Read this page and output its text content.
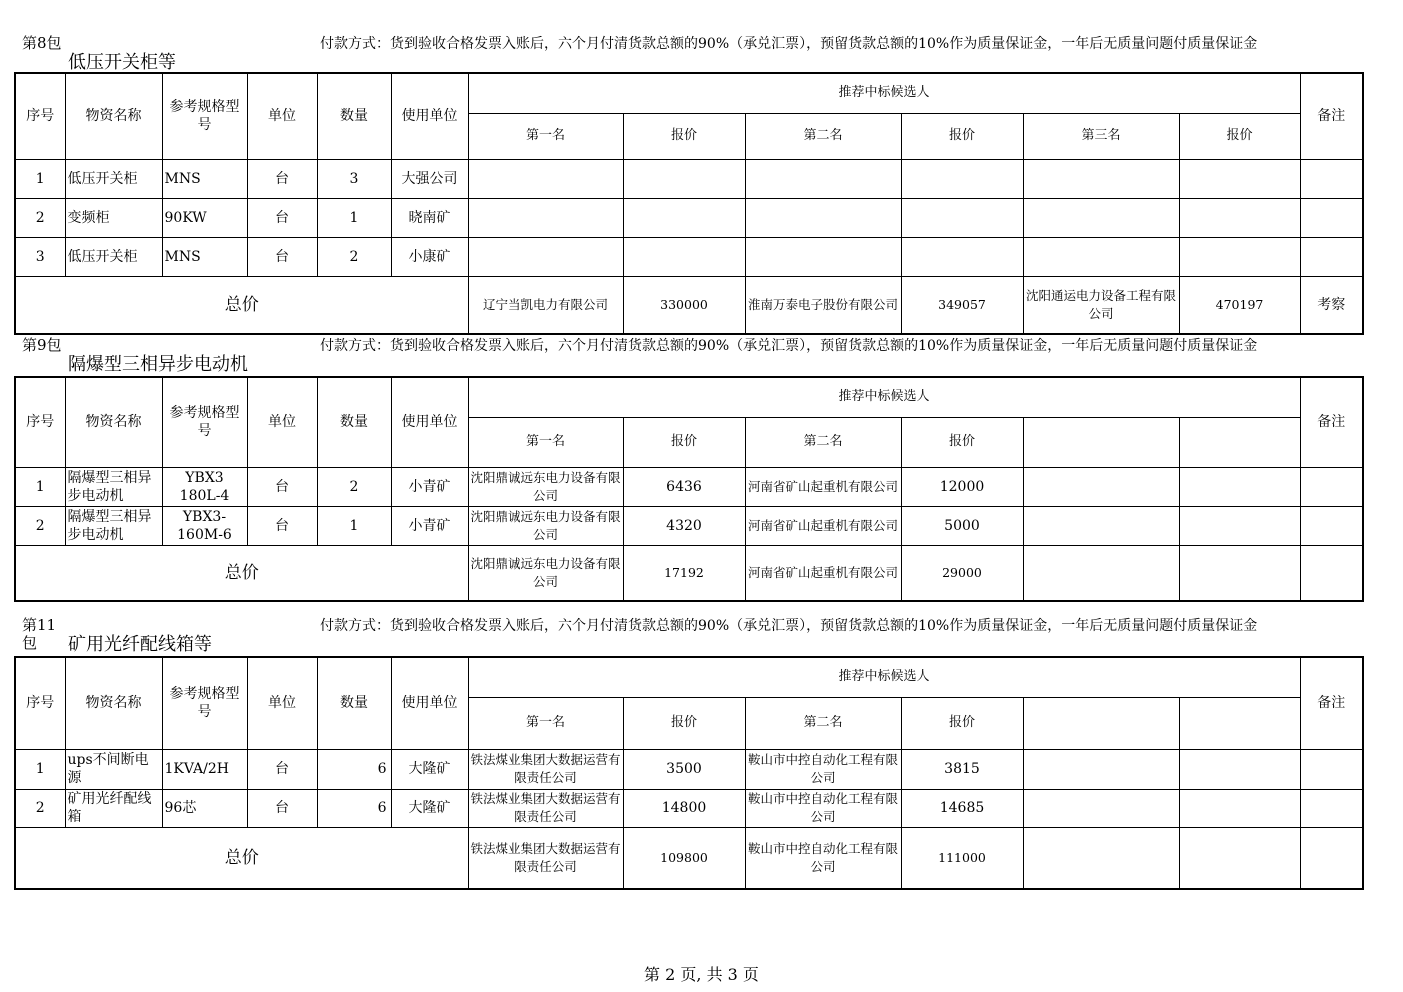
第8包
低压开关柜等
付款方式：货到验收合格发票入账后，六个月付清货款总额的90%（承兑汇票），预留货款总额的10%作为质量保证金，一年后无质量问题付质量保证金
序号	物资名称	参考规格型号	单位	数量	使用单位	推荐中标候选人						备注
						第一名	报价	第二名	报价	第三名	报价	
1	低压开关柜	MNS	台	3	大强公司							
2	变频柜	90KW	台	1	晓南矿							
3	低压开关柜	MNS	台	2	小康矿							
总价						辽宁当凯电力有限公司	330000	淮南万泰电子股份有限公司	349057	沈阳通运电力设备工程有限公司	470197	考察
第9包
隔爆型三相异步电动机
付款方式：货到验收合格发票入账后，六个月付清货款总额的90%（承兑汇票），预留货款总额的10%作为质量保证金，一年后无质量问题付质量保证金
序号	物资名称	参考规格型号	单位	数量	使用单位	推荐中标候选人						备注
						第一名	报价	第二名	报价			
1	隔爆型三相异步电动机	YBX3 180L-4	台	2	小青矿	沈阳鼎诚远东电力设备有限公司	6436	河南省矿山起重机有限公司	12000			
2	隔爆型三相异步电动机	YBX3-160M-6	台	1	小青矿	沈阳鼎诚远东电力设备有限公司	4320	河南省矿山起重机有限公司	5000			
总价						沈阳鼎诚远东电力设备有限公司	17192	河南省矿山起重机有限公司	29000			
第11包	矿用光纤配线箱等
付款方式：货到验收合格发票入账后，六个月付清货款总额的90%（承兑汇票），预留货款总额的10%作为质量保证金，一年后无质量问题付质量保证金
序号	物资名称	参考规格型号	单位	数量	使用单位	推荐中标候选人						备注
						第一名	报价	第二名	报价			
1	ups不间断电源	1KVA/2H	台	6	大隆矿	铁法煤业集团大数据运营有限责任公司	3500	鞍山市中控自动化工程有限公司	3815			
2	矿用光纤配线箱	96芯	台	6	大隆矿	铁法煤业集团大数据运营有限责任公司	14800	鞍山市中控自动化工程有限公司	14685			
总价						铁法煤业集团大数据运营有限责任公司	109800	鞍山市中控自动化工程有限公司	111000			
第 2 页, 共 3 页
